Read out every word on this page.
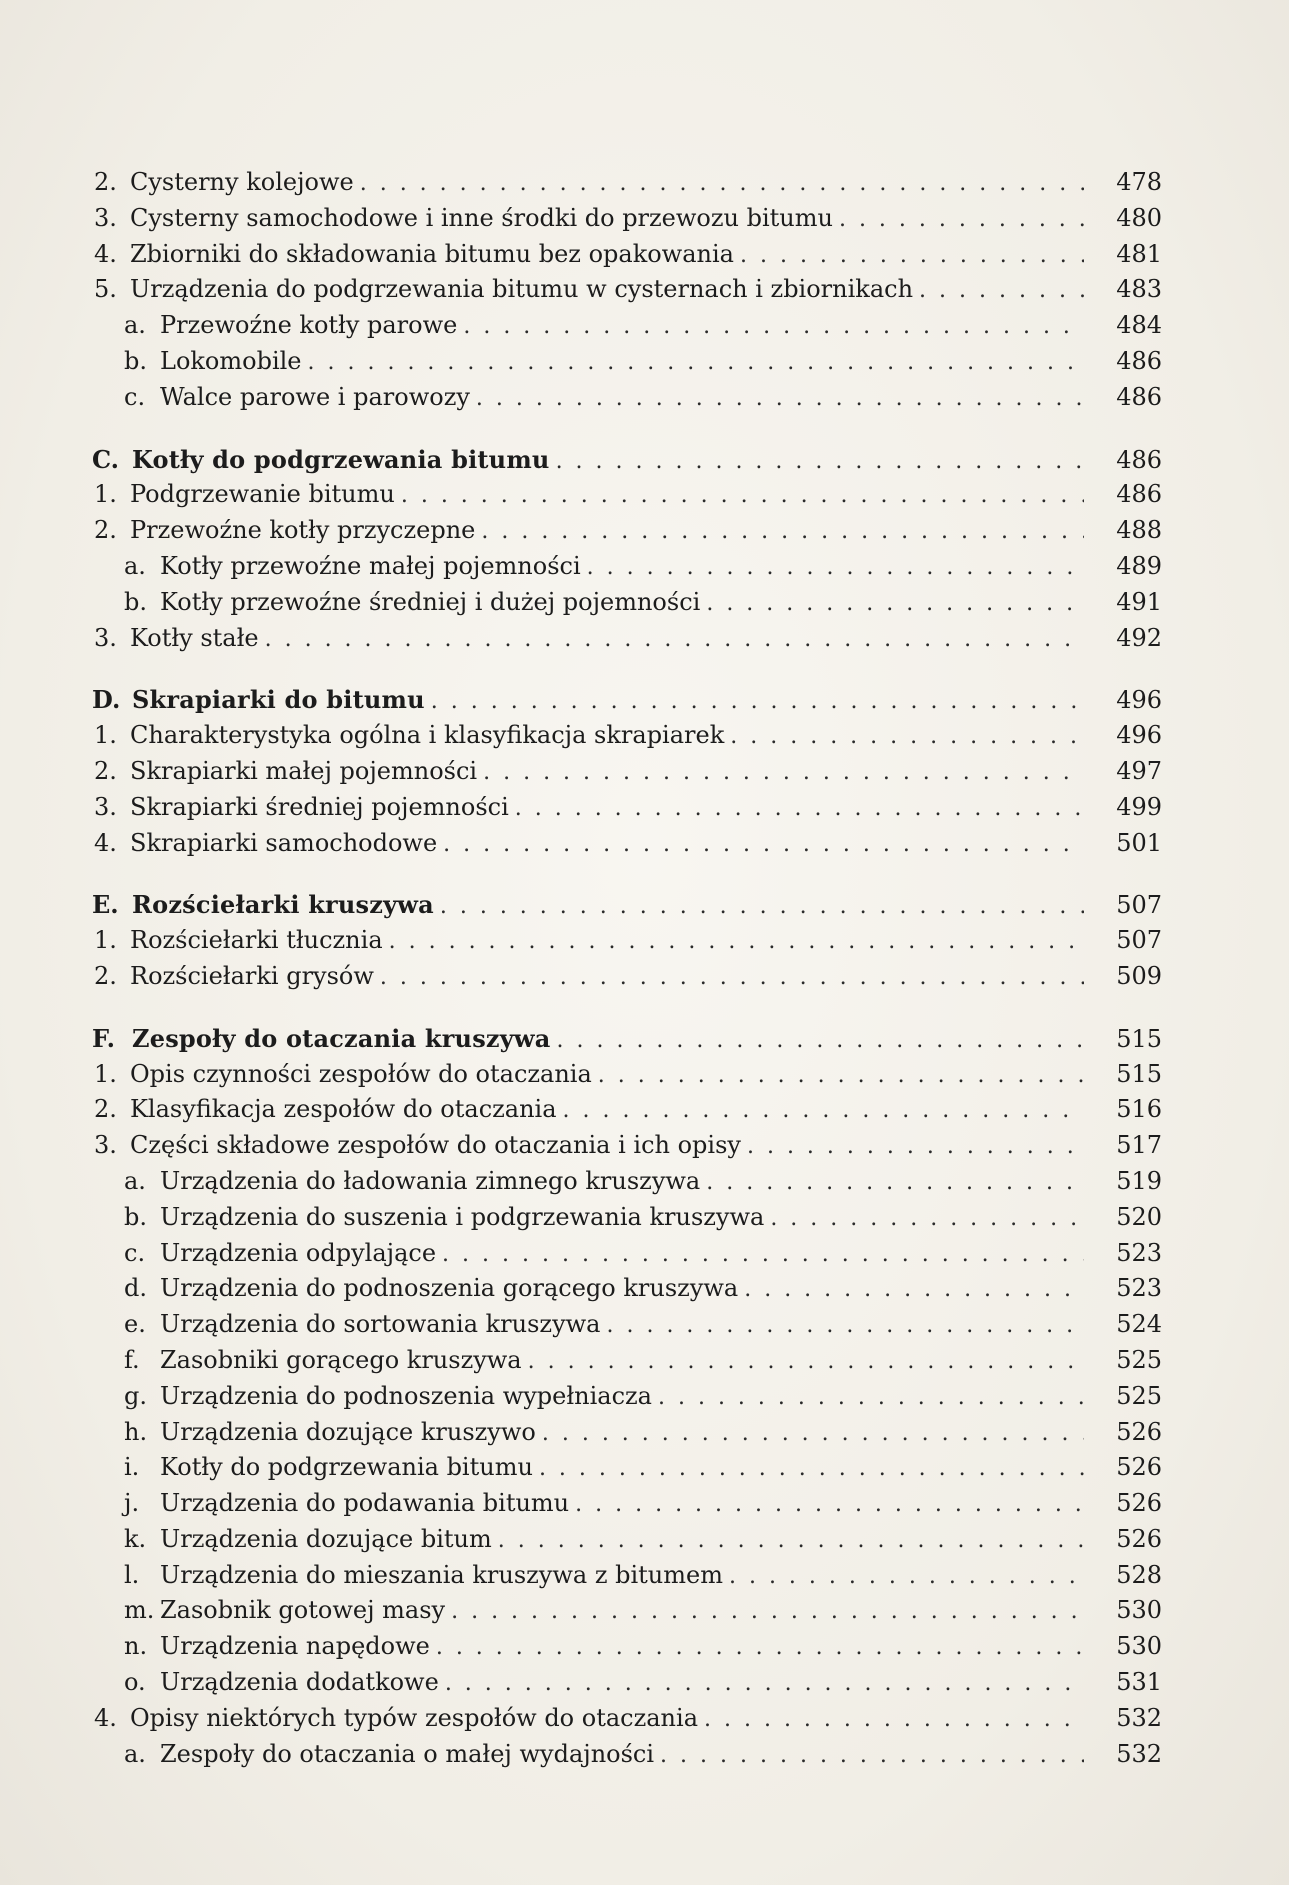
2. Cysterny kolejowe . . .	478
3. Cysterny samochodowe i inne środki do przewozu bitumu . . .	480
4. Zbiorniki do składowania bitumu bez opakowania . . .	481
5. Urządzenia do podgrzewania bitumu w cysternach i zbiornikach . . .	483
a. Przewoźne kotły parowe . . .	484
b. Lokomobile . . .	486
c. Walce parowe i parowozy . . .	486
C. Kotły do podgrzewania bitumu . . .	486
1. Podgrzewanie bitumu . . .	486
2. Przewoźne kotły przyczepne . . .	488
a. Kotły przewoźne małej pojemności . . .	489
b. Kotły przewoźne średniej i dużej pojemności . . .	491
3. Kotły stałe . . .	492
D. Skrapiarki do bitumu . . .	496
1. Charakterystyka ogólna i klasyfikacja skrapiarek . . .	496
2. Skrapiarki małej pojemności . . .	497
3. Skrapiarki średniej pojemności . . .	499
4. Skrapiarki samochodowe . . .	501
E. Rozściełarki kruszywa . . .	507
1. Rozściełarki tłucznia . . .	507
2. Rozściełarki grysów . . .	509
F. Zespoły do otaczania kruszywa . . .	515
1. Opis czynności zespołów do otaczania . . .	515
2. Klasyfikacja zespołów do otaczania . . .	516
3. Części składowe zespołów do otaczania i ich opisy . . .	517
a. Urządzenia do ładowania zimnego kruszywa . . .	519
b. Urządzenia do suszenia i podgrzewania kruszywa . . .	520
c. Urządzenia odpylające . . .	523
d. Urządzenia do podnoszenia gorącego kruszywa . . .	523
e. Urządzenia do sortowania kruszywa . . .	524
f. Zasobniki gorącego kruszywa . . .	525
g. Urządzenia do podnoszenia wypełniacza . . .	525
h. Urządzenia dozujące kruszywo . . .	526
i. Kotły do podgrzewania bitumu . . .	526
j. Urządzenia do podawania bitumu . . .	526
k. Urządzenia dozujące bitum . . .	526
l. Urządzenia do mieszania kruszywa z bitumem . . .	528
m. Zasobnik gotowej masy . . .	530
n. Urządzenia napędowe . . .	530
o. Urządzenia dodatkowe . . .	531
4. Opisy niektórych typów zespołów do otaczania . . .	532
a. Zespoły do otaczania o małej wydajności . . .	532
